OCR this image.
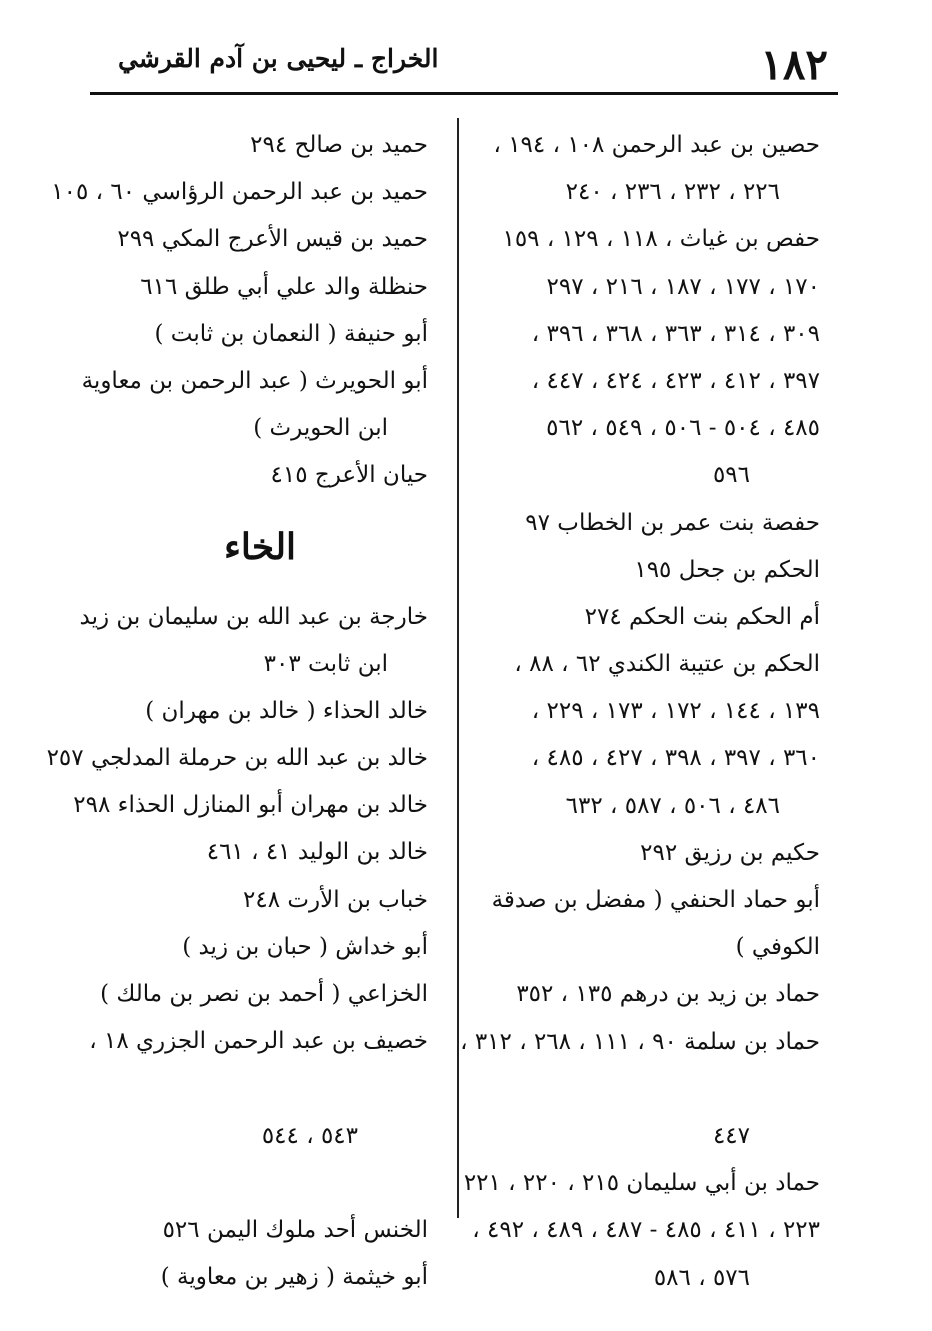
١٨٢
الخراج ـ ليحيى بن آدم القرشي
حصين بن عبد الرحمن ١٠٨ ، ١٩٤ ،
٢٢٦ ، ٢٣٢ ، ٢٣٦ ، ٢٤٠
حفص بن غياث ، ١١٨ ، ١٢٩ ، ١٥٩
١٧٠ ، ١٧٧ ، ١٨٧ ، ٢١٦ ، ٢٩٧
٣٠٩ ، ٣١٤ ، ٣٦٣ ، ٣٦٨ ، ٣٩٦ ،
٣٩٧ ، ٤١٢ ، ٤٢٣ ، ٤٢٤ ، ٤٤٧ ،
٤٨٥ ، ٥٠٤ - ٥٠٦ ، ٥٤٩ ، ٥٦٢
٥٩٦
حفصة بنت عمر بن الخطاب ٩٧
الحكم بن جحل ١٩٥
أم الحكم بنت الحكم ٢٧٤
الحكم بن عتيبة الكندي ٦٢ ، ٨٨ ،
١٣٩ ، ١٤٤ ، ١٧٢ ، ١٧٣ ، ٢٢٩ ،
٣٦٠ ، ٣٩٧ ، ٣٩٨ ، ٤٢٧ ، ٤٨٥ ،
٤٨٦ ، ٥٠٦ ، ٥٨٧ ، ٦٣٢
حكيم بن رزيق ٢٩٢
أبو حماد الحنفي ( مفضل بن صدقة
الكوفي )
حماد بن زيد بن درهم ١٣٥ ، ٣٥٢
حماد بن سلمة ٩٠ ، ١١١ ، ٢٦٨ ، ٣١٢ ،
٤٤٧
حماد بن أبي سليمان ٢١٥ ، ٢٢٠ ، ٢٢١
٢٢٣ ، ٤١١ ، ٤٨٥ - ٤٨٧ ، ٤٨٩ ، ٤٩٢ ،
٥٧٦ ، ٥٨٦
حميد بن صالح ٢٩٤
حميد بن عبد الرحمن الرؤاسي ٦٠ ، ١٠٥
حميد بن قيس الأعرج المكي ٢٩٩
حنظلة والد علي أبي طلق ٦١٦
أبو حنيفة ( النعمان بن ثابت )
أبو الحويرث ( عبد الرحمن بن معاوية
ابن الحويرث )
حيان الأعرج ٤١٥
الخاء
خارجة بن عبد الله بن سليمان بن زيد
ابن ثابت ٣٠٣
خالد الحذاء ( خالد بن مهران )
خالد بن عبد الله بن حرملة المدلجي ٢٥٧
خالد بن مهران أبو المنازل الحذاء ٢٩٨
خالد بن الوليد ٤١ ، ٤٦١
خباب بن الأرت ٢٤٨
أبو خداش ( حبان بن زيد )
الخزاعي ( أحمد بن نصر بن مالك )
خصيف بن عبد الرحمن الجزري ١٨ ،
٥٤٣ ، ٥٤٤
الخنس أحد ملوك اليمن ٥٢٦
أبو خيثمة ( زهير بن معاوية )
